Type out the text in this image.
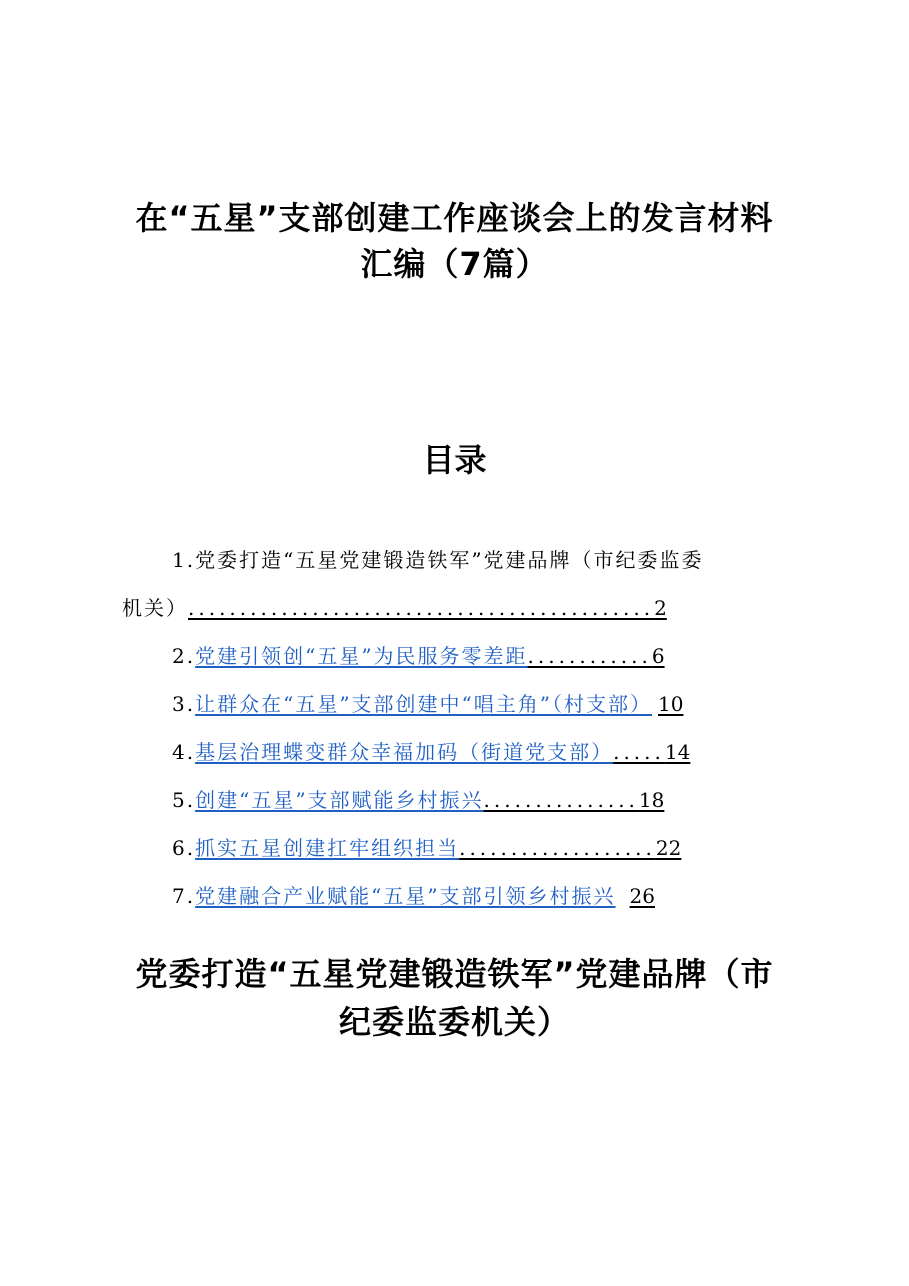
在“五星”支部创建工作座谈会上的发言材料
汇编（7篇）
目录
1.党委打造“五星党建锻造铁军”党建品牌（市纪委监委
机关）.............................................2
2.党建引领创“五星”为民服务零差距............6
3.让群众在“五星”支部创建中“唱主角”（村支部） 10
4.基层治理蝶变群众幸福加码（街道党支部）.....14
5.创建“五星”支部赋能乡村振兴...............18
6.抓实五星创建扛牢组织担当...................22
7.党建融合产业赋能“五星”支部引领乡村振兴 26
党委打造“五星党建锻造铁军”党建品牌（市
纪委监委机关）
